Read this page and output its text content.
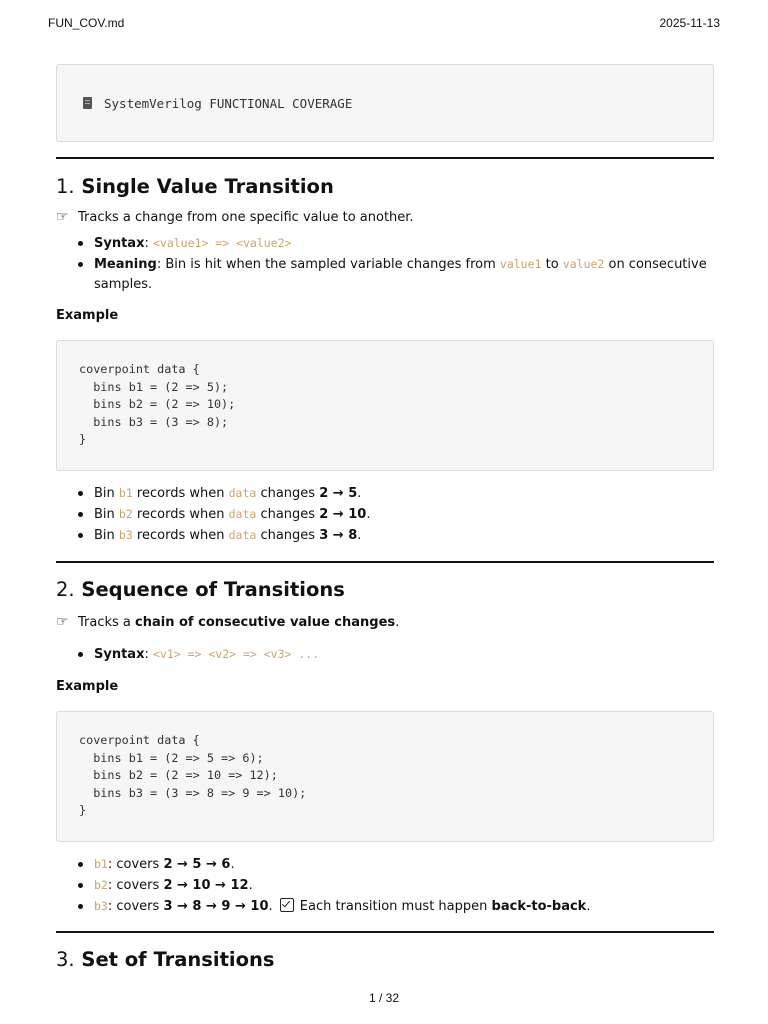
FUN_COV.md	2025-11-13
SystemVerilog FUNCTIONAL COVERAGE
1. Single Value Transition

☞ Tracks a change from one specific value to another.

Syntax: <value1> => <value2>
Meaning: Bin is hit when the sampled variable changes from value1 to value2 on consecutive samples.

Example

coverpoint data {
bins b1 = (2 => 5);
bins b2 = (2 => 10);
bins b3 = (3 => 8);
}
Bin b1 records when data changes 2 → 5.
Bin b2 records when data changes 2 → 10.
Bin b3 records when data changes 3 → 8.
2. Sequence of Transitions

☞ Tracks a chain of consecutive value changes.

Syntax: <v1> => <v2> => <v3> ...

Example

coverpoint data {
bins b1 = (2 => 5 => 6);
bins b2 = (2 => 10 => 12);
bins b3 = (3 => 8 => 9 => 10);
}
b1: covers 2 → 5 → 6.
b2: covers 2 → 10 → 12.
b3: covers 3 → 8 → 9 → 10. Each transition must happen back-to-back.
3. Set of Transitions
1 / 32
